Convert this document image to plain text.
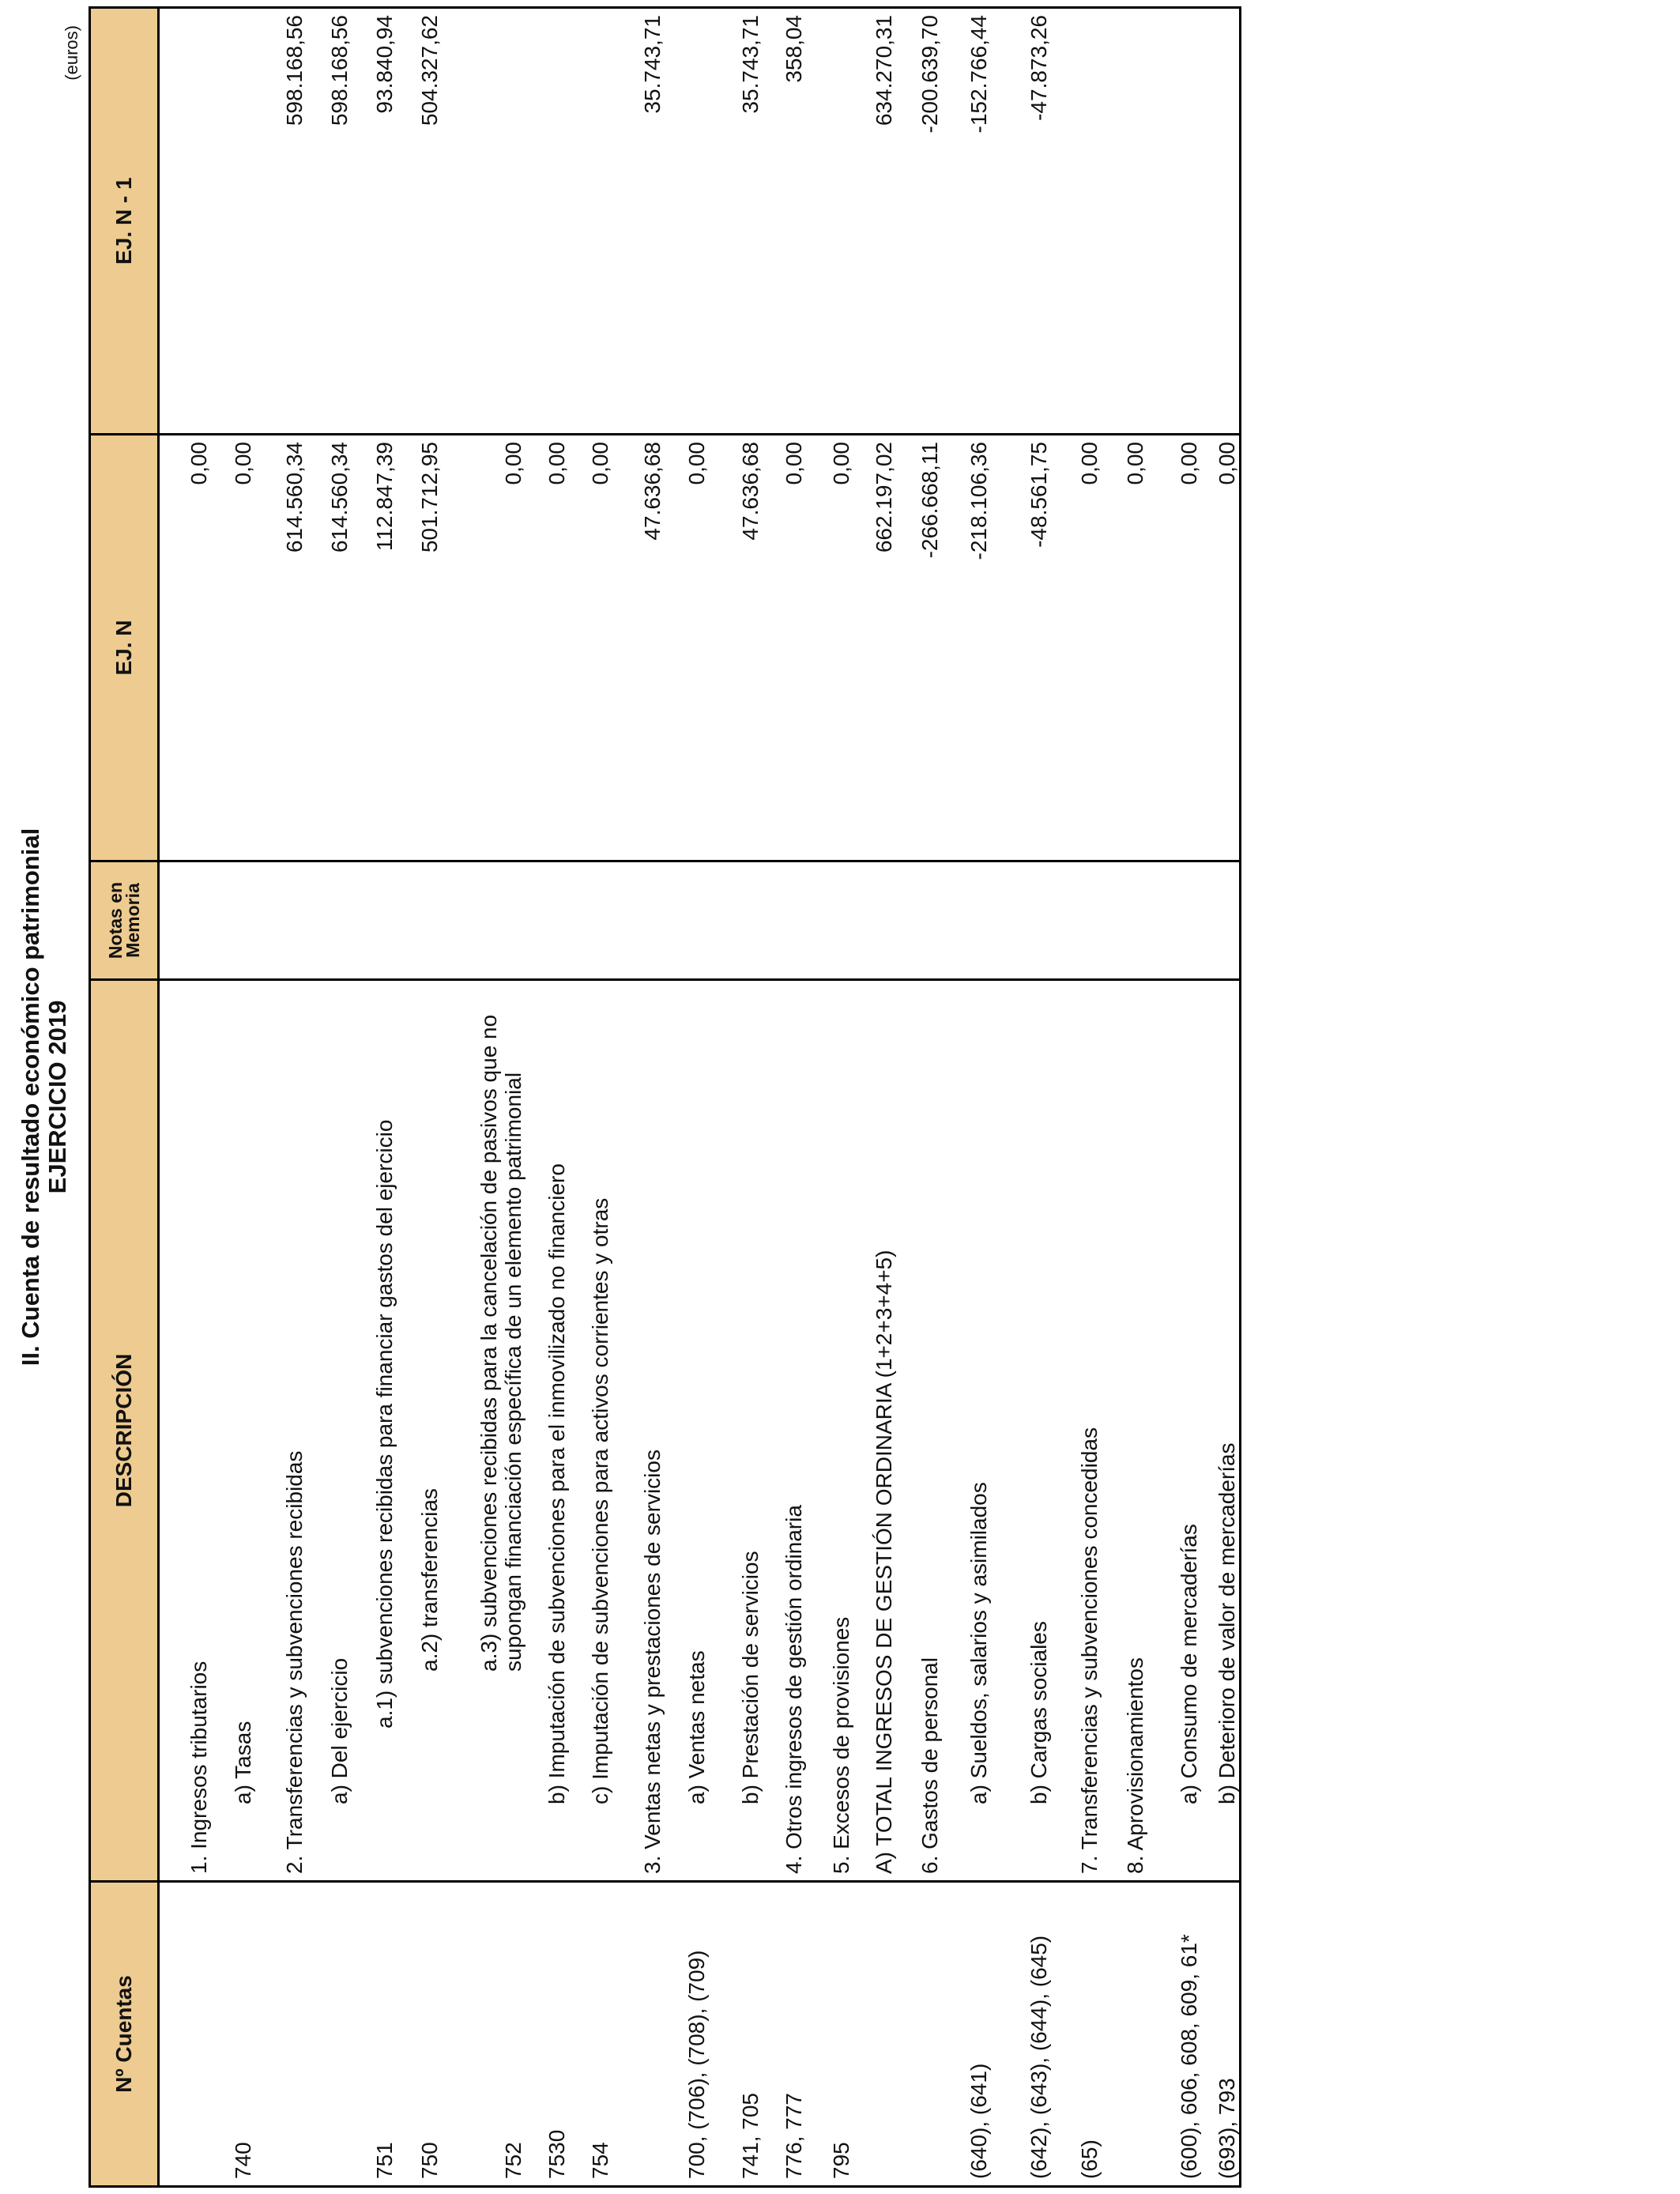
II. Cuenta de resultado económico patrimonial EJERCICIO 2019
(euros)
Nº Cuentas	DESCRIPCIÓN	Notas en Memoria	EJ. N	EJ. N - 1
	1. Ingresos tributarios		0,00	
740	a) Tasas		0,00	
	2. Transferencias y subvenciones recibidas		614.560,34	598.168,56
	a) Del ejercicio		614.560,34	598.168,56
751	a.1) subvenciones recibidas para financiar gastos del ejercicio		112.847,39	93.840,94
750	a.2) transferencias		501.712,95	504.327,62
752	a.3) subvenciones recibidas para la cancelación de pasivos que no supongan financiación específica de un elemento patrimonial		0,00	
7530	b) Imputación de subvenciones para el inmovilizado no financiero		0,00	
754	c) Imputación de subvenciones para activos corrientes y otras		0,00	
	3. Ventas netas y prestaciones de servicios		47.636,68	35.743,71
700, (706), (708), (709)	a) Ventas netas		0,00	
741, 705	b) Prestación de servicios		47.636,68	35.743,71
776, 777	4. Otros ingresos de gestión ordinaria		0,00	358,04
795	5. Excesos de provisiones		0,00	
	A) TOTAL INGRESOS DE GESTIÓN ORDINARIA (1+2+3+4+5)		662.197,02	634.270,31
	6. Gastos de personal		-266.668,11	-200.639,70
(640), (641)	a) Sueldos, salarios y asimilados		-218.106,36	-152.766,44
(642), (643), (644), (645)	b) Cargas sociales		-48.561,75	-47.873,26
(65)	7. Transferencias y subvenciones concedidas		0,00	
	8. Aprovisionamientos		0,00	
(600), 606, 608, 609, 61*	a) Consumo de mercaderías		0,00	
(693), 793	b) Deterioro de valor de mercaderías		0,00	
